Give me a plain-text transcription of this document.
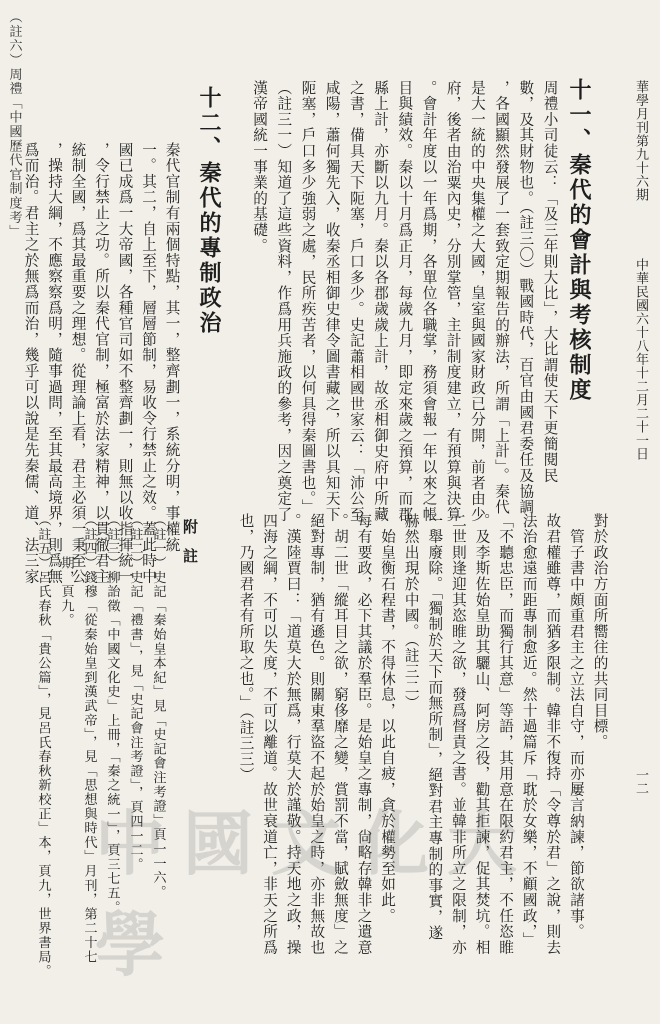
華學月刊第九十六期
中華民國六十八年十二月二十一日
一二
十一、秦代的會計與考核制度
周禮小司徒云：「及三年則大比」，大比謂使天下更簡閱民
數，及其財物也。（註三〇）戰國時代，百官由國君委任及協調
，各國顯然發展了一套致定期報告的辦法，所謂「上計」。秦代
是大一統的中央集權之大國，皇室與國家財政已分開，前者由少
府，後者由治粟內史，分別掌管，主計制度建立，有預算與決算
。會計年度以一年爲期，各單位各職掌，務須會報一年以來之帳
目與績效。秦以十月爲正月，每歲九月，即定來歲之預算，而郡
縣上計，亦斷以九月。秦以各郡歲歲上計，故丞相御史府中所藏
之書，備具天下阨塞，戶口多少。史記蕭相國世家云：「沛公至
咸陽，蕭何獨先入，收秦丞相御史律令圖書藏之，所以具知天下
阨塞，戶口多少強弱之處，民所疾苦者，以何具得秦圖書也。」
（註三一）知道了這些資料，作爲用兵施政的參考，因之奠定了
漢帝國統一事業的基礎。
十二、秦代的專制政治
秦代官制有兩個特點，其一，整齊劃一，系統分明，事權統
一。其二，自上至下，層層節制，易收令行禁止之效。蓋此時中
國已成爲一大帝國，各種官司如不整齊劃一，則無以收指揮統一
，令行禁止之功。所以秦代官制，極富於法家精神，以貫徹君主
統制全國，爲其最重要之理想。從理論上看，君主必須一秉至公
，操持大綱，不應察察爲明，隨事過問，至其最高境界，則爲無
爲而治。君主之於無爲而治，幾乎可以說是先秦儒、道、法三家
對於政治方面所嚮往的共同目標。
　管子書中頗重君主之立法自守，而亦屢言納諫，節欲諸事。
故君權雖尊，而猶多限制。韓非不復持「令尊於君」之說，則去
法治愈遠而距專制愈近。然十過篇斥「耽於女樂，不顧國政，」
「不聽忠臣，而獨行其意」等語，其用意在限約君主，不任恣睢
。及李斯佐始皇助其驪山、阿房之役，勸其拒諫，促其焚坑。相
二世則逢迎其恣睢之欲，發爲督責之書。並韓非所立之限制，亦
一舉廢除。「獨制於天下而無所制」，絕對君主專制的事實，遂
赫然出現於中國。（註三二）
　始皇衡石程書，不得休息，以此自疲，貪於權勢至如此。
每有要政，必下其議於羣臣。是始皇之專制，尙略存韓非之遺意
。胡二世「縱耳目之欲，窮侈靡之變，賞罰不當，賦斂無度」之
絕對專制，猶有遜色。則關東羣盜不起於始皇之時，亦非無故也
。漢陸賈曰：「道莫大於無爲，行莫大於謹敬。持天地之政，操
四海之綱，不可以失度，不可以離道。故世衰道亡，非天之所爲
也，乃國君者有所取之也。」（註三三）
附註
（註一）史記「秦始皇本紀」見「史記會注考證」頁一一六。
（註二）史記「禮書」，見「史記會注考證」，頁四一二。
（註三）柳詒徵「中國文化史」上冊，「秦之統一」，頁三七五。
（註四）錢穆「從秦始皇到漢武帝」，見「思想與時代」月刊，第二十七
　　　期，頁九。
（註五）呂氏春秋「貴公篇」，見呂氏春秋新校正」本，頁九，世界書局。
（註六）周禮「中國歷代官制度考」
中國文化大學
